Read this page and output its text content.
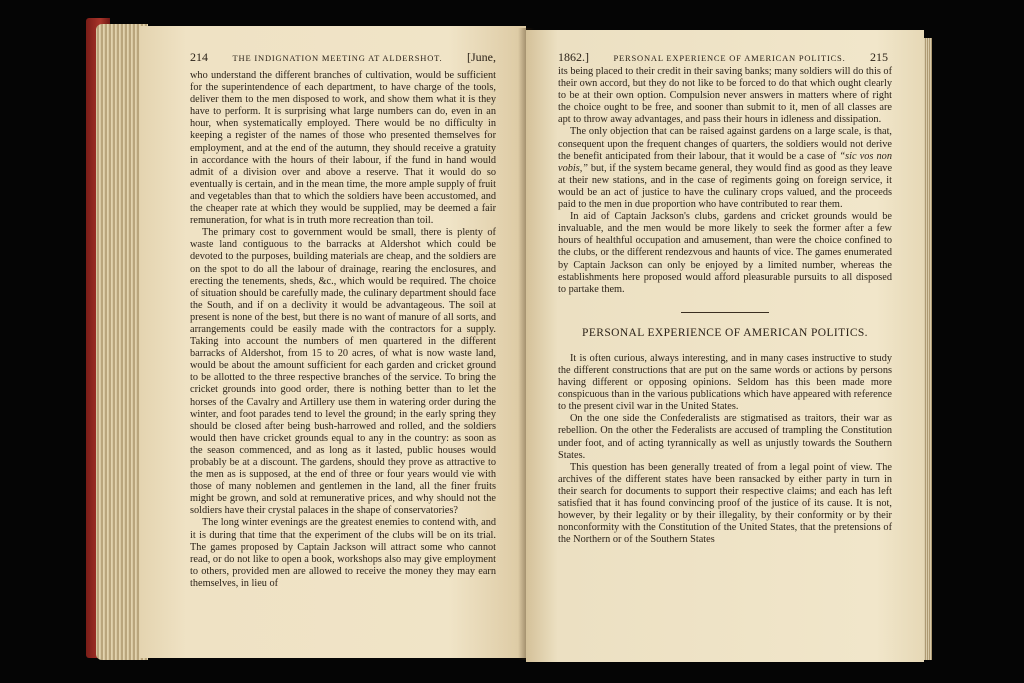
214	THE INDIGNATION MEETING AT ALDERSHOT. [June,

who understand the different branches of cultivation, would be sufficient for the superintendence of each department, to have charge of the tools, deliver them to the men disposed to work, and show them what it is they have to perform. It is surprising what large numbers can do, even in an hour, when systematically employed. There would be no difficulty in keeping a register of the names of those who presented themselves for employment, and at the end of the autumn, they should receive a gratuity in accordance with the hours of their labour, if the fund in hand would admit of a division over and above a reserve. That it would do so eventually is certain, and in the mean time, the more ample supply of fruit and vegetables than that to which the soldiers have been accustomed, and the cheaper rate at which they would be supplied, may be deemed a fair remuneration, for what is in truth more recreation than toil.

The primary cost to government would be small, there is plenty of waste land contiguous to the barracks at Aldershot which could be devoted to the purposes, building materials are cheap, and the soldiers are on the spot to do all the labour of drainage, rearing the enclosures, and erecting the tenements, sheds, &c., which would be required. The choice of situation should be carefully made, the culinary department should face the South, and if on a declivity it would be advantageous. The soil at present is none of the best, but there is no want of manure of all sorts, and arrangements could be easily made with the contractors for a supply. Taking into account the numbers of men quartered in the different barracks of Aldershot, from 15 to 20 acres, of what is now waste land, would be about the amount sufficient for each garden and cricket ground to be allotted to the three respective branches of the service. To bring the cricket grounds into good order, there is nothing better than to let the horses of the Cavalry and Artillery use them in watering order during the winter, and foot parades tend to level the ground; in the early spring they should be closed after being bush-harrowed and rolled, and the soldiers would then have cricket grounds equal to any in the country: as soon as the season commenced, and as long as it lasted, public houses would probably be at a discount. The gardens, should they prove as attractive to the men as is supposed, at the end of three or four years would vie with those of many noblemen and gentlemen in the land, all the finer fruits might be grown, and sold at remunerative prices, and why should not the soldiers have their crystal palaces in the shape of conservatories?

The long winter evenings are the greatest enemies to contend with, and it is during that time that the experiment of the clubs will be on its trial. The games proposed by Captain Jackson will attract some who cannot read, or do not like to open a book, workshops also may give employment to others, provided men are allowed to receive the money they may earn themselves, in lieu of

1862.]	PERSONAL EXPERIENCE OF AMERICAN POLITICS. 215

its being placed to their credit in their saving banks; many soldiers will do this of their own accord, but they do not like to be forced to do that which ought clearly to be at their own option. Compulsion never answers in matters where of right the choice ought to be free, and sooner than submit to it, men of all classes are apt to throw away advantages, and pass their hours in idleness and dissipation.

The only objection that can be raised against gardens on a large scale, is that, consequent upon the frequent changes of quarters, the soldiers would not derive the benefit anticipated from their labour, that it would be a case of “sic vos non vobis,” but, if the system became general, they would find as good as they leave at their new stations, and in the case of regiments going on foreign service, it would be an act of justice to have the culinary crops valued, and the proceeds paid to the men in due proportion who have contributed to rear them.

In aid of Captain Jackson's clubs, gardens and cricket grounds would be invaluable, and the men would be more likely to seek the former after a few hours of healthful occupation and amusement, than were the choice confined to the clubs, or the different rendezvous and haunts of vice. The games enumerated by Captain Jackson can only be enjoyed by a limited number, whereas the establishments here proposed would afford pleasurable pursuits to all disposed to partake them.

PERSONAL EXPERIENCE OF AMERICAN POLITICS.

It is often curious, always interesting, and in many cases instructive to study the different constructions that are put on the same words or actions by persons having different or opposing opinions. Seldom has this been made more conspicuous than in the various publications which have appeared with reference to the present civil war in the United States.

On the one side the Confederalists are stigmatised as traitors, their war as rebellion. On the other the Federalists are accused of trampling the Constitution under foot, and of acting tyrannically as well as unjustly towards the Southern States.

This question has been generally treated of from a legal point of view. The archives of the different states have been ransacked by either party in turn in their search for documents to support their respective claims; and each has left satisfied that it has found convincing proof of the justice of its cause. It is not, however, by their legality or by their illegality, by their conformity or by their nonconformity with the Constitution of the United States, that the pretensions of the Northern or of the Southern States
